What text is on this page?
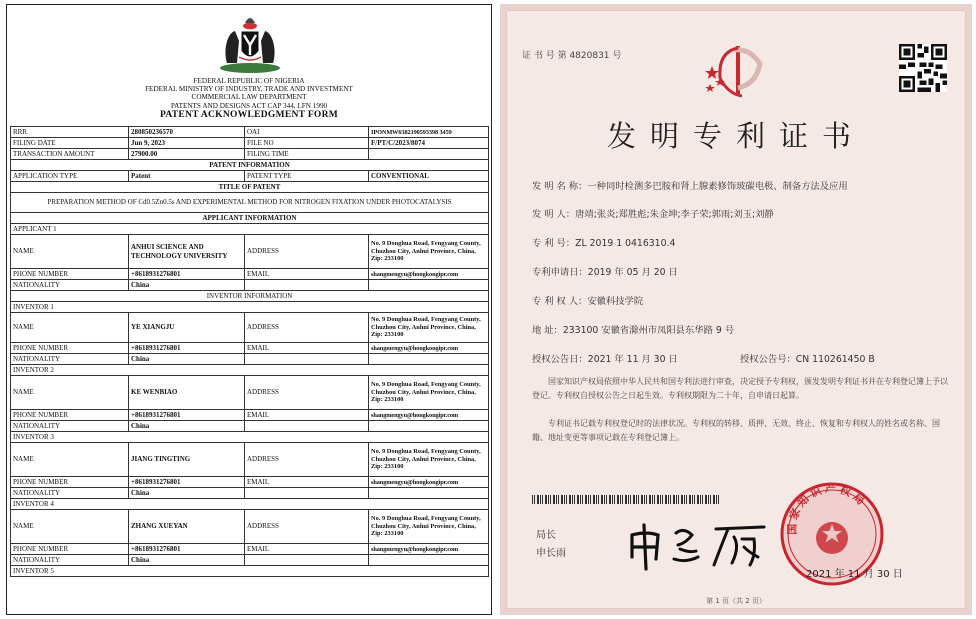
FEDERAL REPUBLIC OF NIGERIA
FEDERAL MINISTRY OF INDUSTRY, TRADE AND INVESTMENT
COMMERCIAL LAW DEPARTMENT
PATENTS AND DESIGNS ACT CAP 344, LFN 1990
PATENT ACKNOWLEDGMENT FORM
RRR	280850236570	OAI	IPONMW6382190593398 3459
FILING DATE	Jun 9, 2023	FILE NO	F/PT/C/2023/8074
TRANSACTION AMOUNT	27900.00	FILING TIME	
PATENT INFORMATION			
APPLICATION TYPE	Patent	PATENT TYPE	CONVENTIONAL
TITLE OF PATENT			
PREPARATION METHOD OF Cd0.5Zn0.5s AND EXPERIMENTAL METHOD FOR NITROGEN FIXATION UNDER PHOTOCATALYSIS			
APPLICANT INFORMATION			
APPLICANT 1			
NAME	ANHUI SCIENCE AND TECHNOLOGY UNIVERSITY	ADDRESS	No. 9 Donghua Road, Fengyang County, Chuzhou City, Anhui Province, China, Zip: 233100
PHONE NUMBER	+8618931276801	EMAIL	shangmengyu@hongkongipr.com
NATIONALITY	China		
INVENTOR INFORMATION			
INVENTOR 1			
NAME	YE XIANGJU	ADDRESS	No. 9 Donghua Road, Fengyang County, Chuzhou City, Anhui Province, China, Zip: 233100
PHONE NUMBER	+8618931276801	EMAIL	shangmengyu@hongkongipr.com
NATIONALITY	China		
INVENTOR 2			
NAME	KE WENBIAO	ADDRESS	No. 9 Donghua Road, Fengyang County, Chuzhou City, Anhui Province, China, Zip: 233100
PHONE NUMBER	+8618931276801	EMAIL	shangmengyu@hongkongipr.com
NATIONALITY	China		
INVENTOR 3			
NAME	JIANG TINGTING	ADDRESS	No. 9 Donghua Road, Fengyang County, Chuzhou City, Anhui Province, China, Zip: 233100
PHONE NUMBER	+8618931276801	EMAIL	shangmengyu@hongkongipr.com
NATIONALITY	China		
INVENTOR 4			
NAME	ZHANG XUEYAN	ADDRESS	No. 9 Donghua Road, Fengyang County, Chuzhou City, Anhui Province, China, Zip: 233100
PHONE NUMBER	+8618931276801	EMAIL	shangmengyu@hongkongipr.com
NATIONALITY	China		
INVENTOR 5			
证 书 号 第 4820831 号
发明专利证书
发 明 名 称：一种同时检测多巴胺和肾上腺素修饰玻碳电极、制备方法及应用
发 明 人：唐靖;张炎;郑胜彪;朱金坤;李子荣;郭雨;刘玉;刘静
专 利 号：ZL 2019 1 0416310.4
专利申请日：2019 年 05 月 20 日
专 利 权 人：安徽科技学院
地 址：233100 安徽省滁州市凤阳县东华路 9 号
授权公告日：2021 年 11 月 30 日	授权公告号：CN 110261450 B
国家知识产权局依照中华人民共和国专利法进行审查，决定授予专利权，颁发发明专利证书并在专利登记簿上予以登记。专利权自授权公告之日起生效。专利权期限为二十年，自申请日起算。
专利证书记载专利权登记时的法律状况。专利权的转移、质押、无效、终止、恢复和专利权人的姓名或名称、国籍、地址变更等事项记载在专利登记簿上。
局长
申长雨
国家知识产权局
2021 年 11 月 30 日
第 1 页（共 2 页）
